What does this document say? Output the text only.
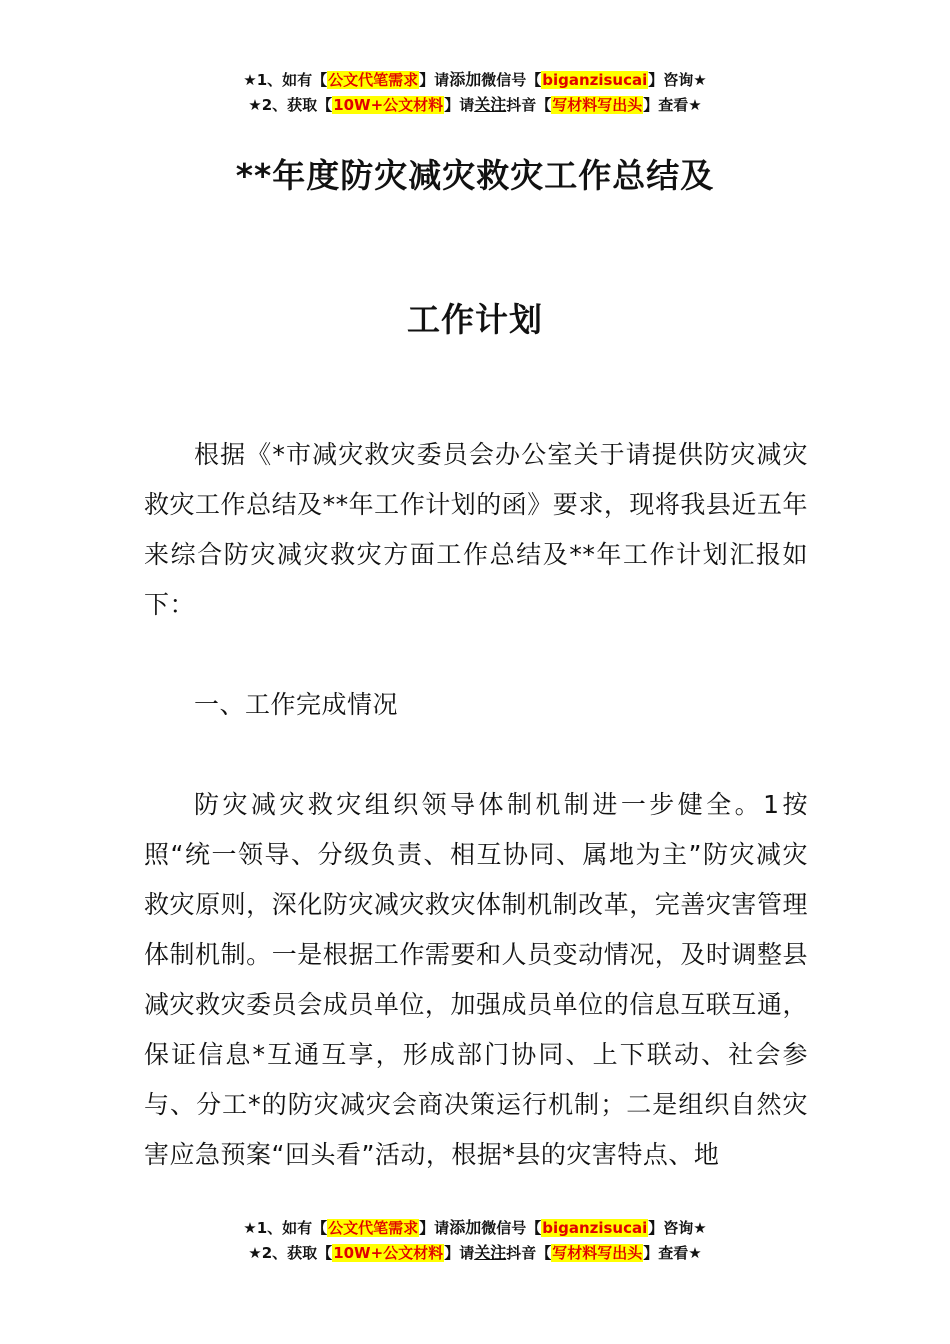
★1、如有【公文代笔需求】请添加微信号【biganzisucai】咨询★
★2、获取【10W+公文材料】请关注抖音【写材料写出头】查看★
**年度防灾减灾救灾工作总结及
工作计划
根据《*市减灾救灾委员会办公室关于请提供防灾减灾救灾工作总结及**年工作计划的函》要求，现将我县近五年来综合防灾减灾救灾方面工作总结及**年工作计划汇报如下：
一、工作完成情况
防灾减灾救灾组织领导体制机制进一步健全。1按照“统一领导、分级负责、相互协同、属地为主”防灾减灾救灾原则，深化防灾减灾救灾体制机制改革，完善灾害管理体制机制。一是根据工作需要和人员变动情况，及时调整县减灾救灾委员会成员单位，加强成员单位的信息互联互通，保证信息*互通互享，形成部门协同、上下联动、社会参与、分工*的防灾减灾会商决策运行机制；二是组织自然灾害应急预案“回头看”活动，根据*县的灾害特点、地
★1、如有【公文代笔需求】请添加微信号【biganzisucai】咨询★
★2、获取【10W+公文材料】请关注抖音【写材料写出头】查看★
